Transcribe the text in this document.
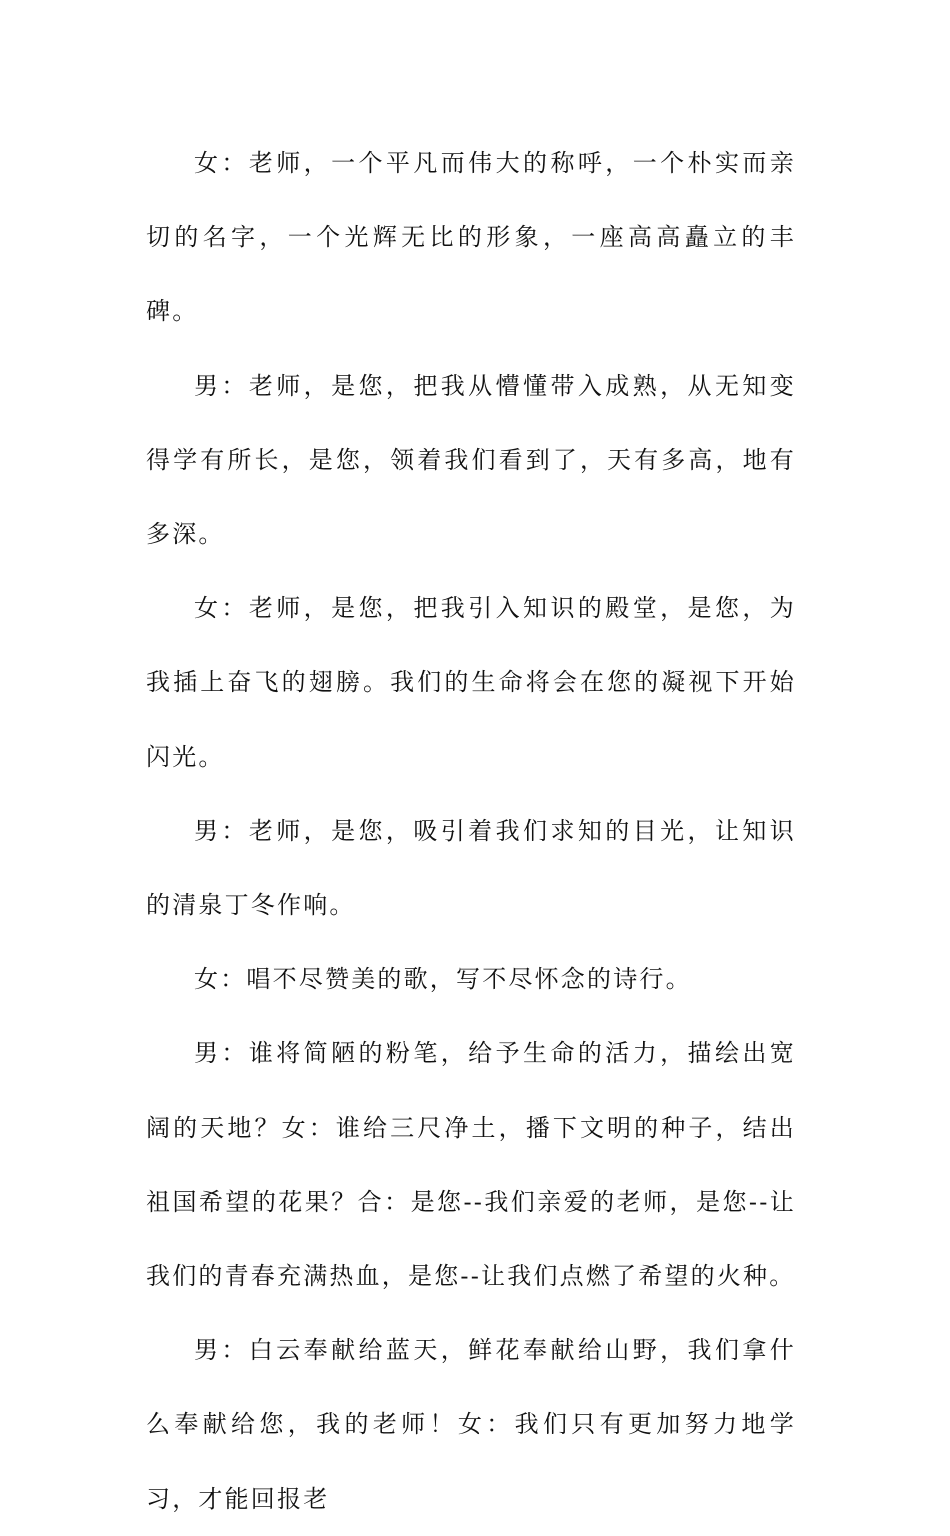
女：老师，一个平凡而伟大的称呼，一个朴实而亲切的名字，一个光辉无比的形象，一座高高矗立的丰碑。

男：老师，是您，把我从懵懂带入成熟，从无知变得学有所长，是您，领着我们看到了，天有多高，地有多深。

女：老师，是您，把我引入知识的殿堂，是您，为我插上奋飞的翅膀。我们的生命将会在您的凝视下开始闪光。

男：老师，是您，吸引着我们求知的目光，让知识的清泉丁冬作响。

女：唱不尽赞美的歌，写不尽怀念的诗行。

男：谁将简陋的粉笔，给予生命的活力，描绘出宽阔的天地？女：谁给三尺净土，播下文明的种子，结出祖国希望的花果？合：是您--我们亲爱的老师，是您--让我们的青春充满热血，是您--让我们点燃了希望的火种。

男：白云奉献给蓝天，鲜花奉献给山野，我们拿什么奉献给您，我的老师！女：我们只有更加努力地学习，才能回报老
